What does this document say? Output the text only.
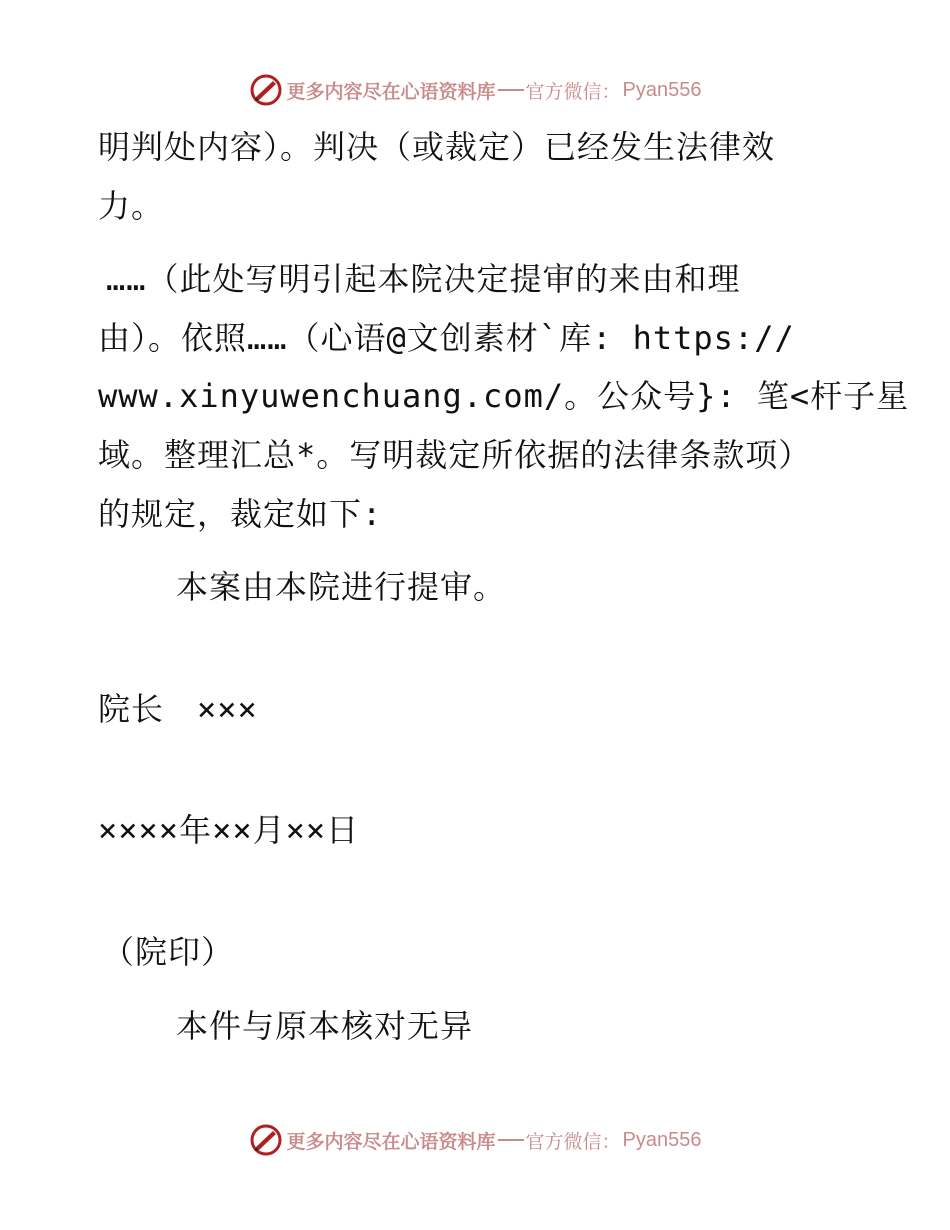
更多内容尽在心语资料库 官方微信： Pyan556
明判处内容）。判决（或裁定）已经发生法律效
力。
……（此处写明引起本院决定提审的来由和理
由）。依照……（心语@文创素材`库: https://
www.xinyuwenchuang.com/。公众号}: 笔<杆子星
域。整理汇总*。写明裁定所依据的法律条款项）
的规定，裁定如下:
本案由本院进行提审。
院长　×××
××××年××月××日
（院印）
本件与原本核对无异
更多内容尽在心语资料库 官方微信： Pyan556
